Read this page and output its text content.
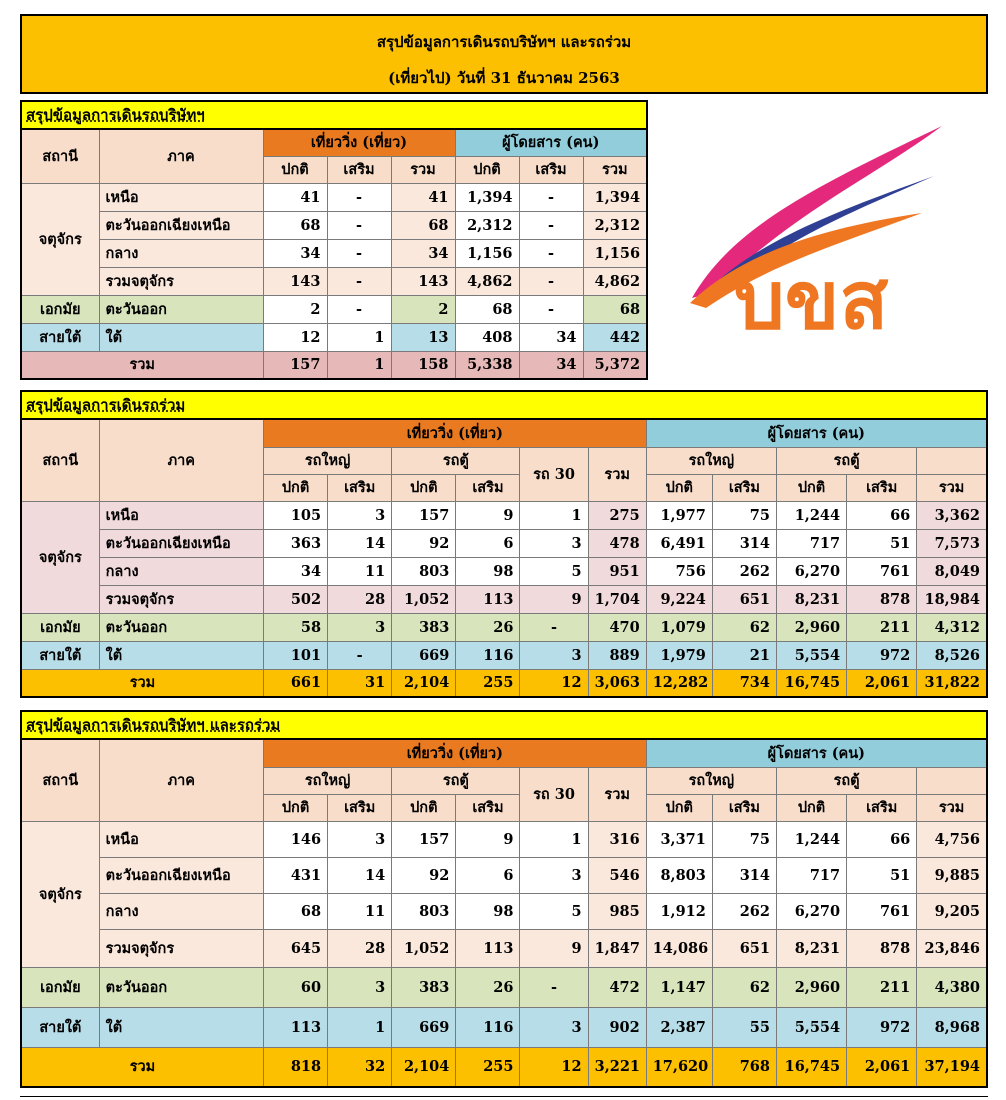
สรุปข้อมูลการเดินรถบริษัทฯ และรถร่วม
(เที่ยวไป) วันที่ 31 ธันวาคม 2563
สรุปข้อมูลการเดินรถบริษัทฯ							
สถานี	ภาค	เที่ยววิ่ง (เที่ยว)			ผู้โดยสาร (คน)		
		ปกติ	เสริม	รวม	ปกติ	เสริม	รวม
จตุจักร	เหนือ	41	-	41	1,394	-	1,394
	ตะวันออกเฉียงเหนือ	68	-	68	2,312	-	2,312
	กลาง	34	-	34	1,156	-	1,156
	รวมจตุจักร	143	-	143	4,862	-	4,862
เอกมัย	ตะวันออก	2	-	2	68	-	68
สายใต้	ใต้	12	1	13	408	34	442
รวม		157	1	158	5,338	34	5,372
บขส
สรุปข้อมูลการเดินรถร่วม												
สถานี	ภาค	เที่ยววิ่ง (เที่ยว)						ผู้โดยสาร (คน)				
		รถใหญ่		รถตู้		รถ 30	รวม	รถใหญ่		รถตู้		
		ปกติ	เสริม	ปกติ	เสริม			ปกติ	เสริม	ปกติ	เสริม	รวม
จตุจักร	เหนือ	105	3	157	9	1	275	1,977	75	1,244	66	3,362
	ตะวันออกเฉียงเหนือ	363	14	92	6	3	478	6,491	314	717	51	7,573
	กลาง	34	11	803	98	5	951	756	262	6,270	761	8,049
	รวมจตุจักร	502	28	1,052	113	9	1,704	9,224	651	8,231	878	18,984
เอกมัย	ตะวันออก	58	3	383	26	-	470	1,079	62	2,960	211	4,312
สายใต้	ใต้	101	-	669	116	3	889	1,979	21	5,554	972	8,526
รวม		661	31	2,104	255	12	3,063	12,282	734	16,745	2,061	31,822
สรุปข้อมูลการเดินรถบริษัทฯ และรถร่วม												
สถานี	ภาค	เที่ยววิ่ง (เที่ยว)						ผู้โดยสาร (คน)				
		รถใหญ่		รถตู้		รถ 30	รวม	รถใหญ่		รถตู้		
		ปกติ	เสริม	ปกติ	เสริม			ปกติ	เสริม	ปกติ	เสริม	รวม
จตุจักร	เหนือ	146	3	157	9	1	316	3,371	75	1,244	66	4,756
	ตะวันออกเฉียงเหนือ	431	14	92	6	3	546	8,803	314	717	51	9,885
	กลาง	68	11	803	98	5	985	1,912	262	6,270	761	9,205
	รวมจตุจักร	645	28	1,052	113	9	1,847	14,086	651	8,231	878	23,846
เอกมัย	ตะวันออก	60	3	383	26	-	472	1,147	62	2,960	211	4,380
สายใต้	ใต้	113	1	669	116	3	902	2,387	55	5,554	972	8,968
รวม		818	32	2,104	255	12	3,221	17,620	768	16,745	2,061	37,194
